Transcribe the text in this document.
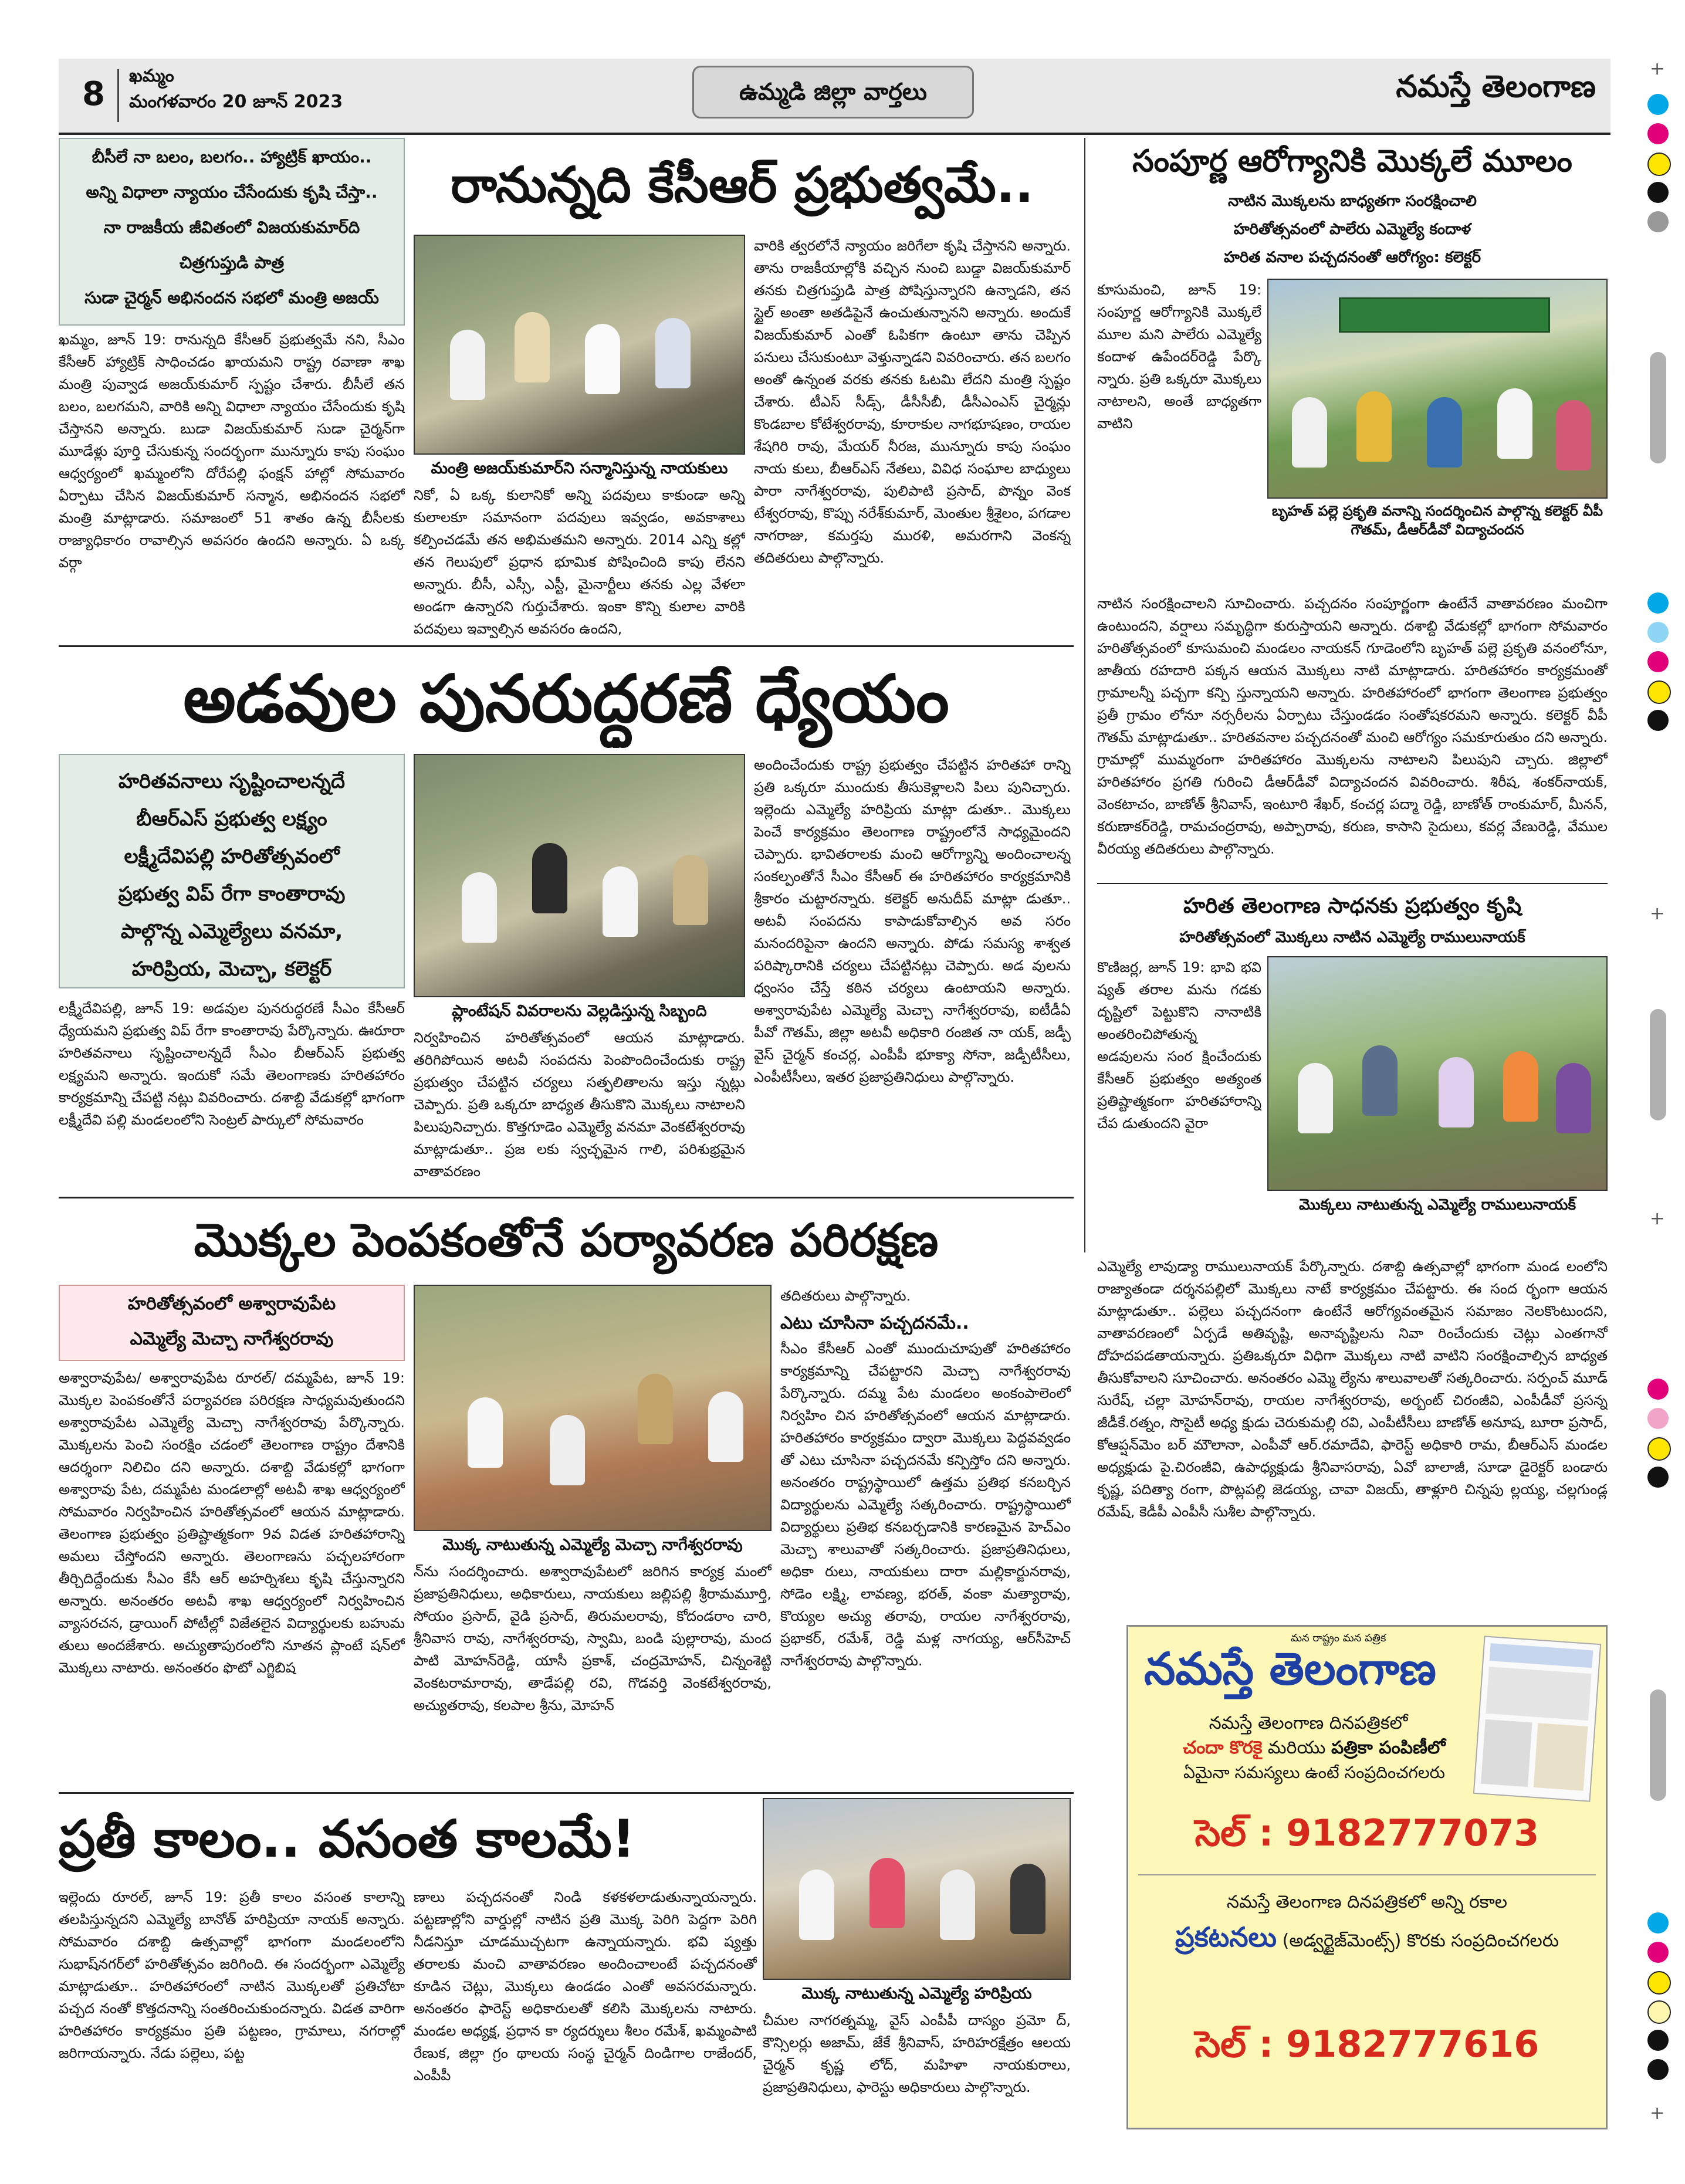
8 ఖమ్మం
మంగళవారం 20 జూన్ 2023	ఉమ్మడి జిల్లా వార్తలు	నమస్తే తెలంగాణ
బీసీలే నా బలం, బలగం.. హ్యాట్రిక్ ఖాయం..
అన్ని విధాలా న్యాయం చేసేందుకు కృషి చేస్తా..
నా రాజకీయ జీవితంలో విజయకుమార్‌ది
చిత్రగుప్తుడి పాత్ర
సుడా చైర్మన్ అభినందన సభలో మంత్రి అజయ్
రానున్నది కేసీఆర్ ప్రభుత్వమే..
మంత్రి అజయ్‌కుమార్‌ని సన్మానిస్తున్న నాయకులు
ఖమ్మం, జూన్ 19: రానున్నది కేసీఆర్ ప్రభుత్వమే నని, సీఎం కేసీఆర్ హ్యాట్రిక్ సాధించడం ఖాయమని రాష్ట్ర రవాణా శాఖ మంత్రి పువ్వాడ అజయ్‌కుమార్ స్పష్టం చేశారు. బీసీలే తన బలం, బలగమని, వారికి అన్ని విధాలా న్యాయం చేసేందుకు కృషి చేస్తానని అన్నారు. బుడా విజయ్‌కుమార్ సుడా చైర్మన్‌గా మూడేళ్లు పూర్తి చేసుకున్న సందర్భంగా మున్నూరు కాపు సంఘం ఆధ్వర్యంలో ఖమ్మంలోని దోరేపల్లి ఫంక్షన్ హాల్లో సోమవారం ఏర్పాటు చేసిన విజయ్‌కుమార్ సన్మాన, అభినందన సభలో మంత్రి మాట్లాడారు. సమాజంలో 51 శాతం ఉన్న బీసీలకు రాజ్యాధికారం రావాల్సిన అవసరం ఉందని అన్నారు. ఏ ఒక్క వర్గా
నికో, ఏ ఒక్క కులానికో అన్ని పదవులు కాకుండా అన్ని కులాలకూ సమానంగా పదవులు ఇవ్వడం, అవకాశాలు కల్పించడమే తన అభిమతమని అన్నారు. 2014 ఎన్ని కల్లో తన గెలుపులో ప్రధాన భూమిక పోషించింది కాపు లేనని అన్నారు. బీసీ, ఎస్సీ, ఎస్టీ, మైనార్టీలు తనకు ఎల్ల వేళలా అండగా ఉన్నారని గుర్తుచేశారు. ఇంకా కొన్ని కులాల వారికి పదవులు ఇవ్వాల్సిన అవసరం ఉందని,
వారికి త్వరలోనే న్యాయం జరిగేలా కృషి చేస్తానని అన్నారు. తాను రాజకీయాల్లోకి వచ్చిన నుంచి బుడ్డా విజయ్‌కుమార్ తనకు చిత్రగుప్తుడి పాత్ర పోషిస్తున్నారని ఉన్నాడని, తన స్టైల్ అంతా అతడిపైనే ఉంచుతున్నానని అన్నారు. అందుకే విజయ్‌కుమార్ ఎంతో ఓపికగా ఉంటూ తాను చెప్పిన పనులు చేసుకుంటూ వెళ్తున్నాడని వివరించారు. తన బలగం అంతో ఉన్నంత వరకు తనకు ఓటమి లేదని మంత్రి స్పష్టం చేశారు. టీఎస్ సీడ్స్, డీసీసీబీ, డీసీఎంఎస్ చైర్మన్లు కొండబాల కోటేశ్వరరావు, కూరాకుల నాగభూషణం, రాయల శేషగిరి రావు, మేయర్ నీరజ, మున్నూరు కాపు సంఘం నాయ కులు, బీఆర్‌ఎస్ నేతలు, వివిధ సంఘాల బాధ్యులు పారా నాగేశ్వరరావు, పులిపాటి ప్రసాద్, పొన్నం వెంక టేశ్వరరావు, కొప్పు నరేశ్‌కుమార్, మెంతుల శ్రీశైలం, పగడాల నాగరాజు, కమర్తపు మురళి, అమరగాని వెంకన్న తదితరులు పాల్గొన్నారు.
అడవుల పునరుద్ధరణే ధ్యేయం
హరితవనాలు సృష్టించాలన్నదే
బీఆర్‌ఎస్ ప్రభుత్వ లక్ష్యం
లక్ష్మీదేవిపల్లి హరితోత్సవంలో
ప్రభుత్వ విప్ రేగా కాంతారావు
పాల్గొన్న ఎమ్మెల్యేలు వనమా,
హరిప్రియ, మెచ్చా, కలెక్టర్
ప్లాంటేషన్ వివరాలను వెల్లడిస్తున్న సిబ్బంది
లక్ష్మీదేవిపల్లి, జూన్ 19: అడవుల పునరుద్ధరణే సీఎం కేసీఆర్ ధ్యేయమని ప్రభుత్వ విప్ రేగా కాంతారావు పేర్కొన్నారు. ఊరూరా హరితవనాలు సృష్టించాలన్నదే సీఎం బీఆర్‌ఎస్ ప్రభుత్వ లక్ష్యమని అన్నారు. ఇందుకో సమే తెలంగాణకు హరితహారం కార్యక్రమాన్ని చేపట్టి నట్లు వివరించారు. దశాబ్ది వేడుకల్లో భాగంగా లక్ష్మీదేవి పల్లి మండలంలోని సెంట్రల్ పార్కులో సోమవారం
నిర్వహించిన హరితోత్సవంలో ఆయన మాట్లాడారు. తరిగిపోయిన అటవీ సంపదను పెంపొందించేందుకు రాష్ట్ర ప్రభుత్వం చేపట్టిన చర్యలు సత్ఫలితాలను ఇస్తు న్నట్లు చెప్పారు. ప్రతి ఒక్కరూ బాధ్యత తీసుకొని మొక్కలు నాటాలని పిలుపునిచ్చారు. కొత్తగూడెం ఎమ్మెల్యే వనమా వెంకటేశ్వరరావు మాట్లాడుతూ.. ప్రజ లకు స్వచ్ఛమైన గాలి, పరిశుభ్రమైన వాతావరణం
అందించేందుకు రాష్ట్ర ప్రభుత్వం చేపట్టిన హరితహా రాన్ని ప్రతి ఒక్కరూ ముందుకు తీసుకెళ్లాలని పిలు పునిచ్చారు. ఇల్లెందు ఎమ్మెల్యే హరిప్రియ మాట్లా డుతూ.. మొక్కలు పెంచే కార్యక్రమం తెలంగాణ రాష్ట్రంలోనే సాధ్యమైందని చెప్పారు. భావితరాలకు మంచి ఆరోగ్యాన్ని అందించాలన్న సంకల్పంతోనే సీఎం కేసీఆర్ ఈ హరితహారం కార్యక్రమానికి శ్రీకారం చుట్టారన్నారు. కలెక్టర్ అనుదీప్ మాట్లా డుతూ.. అటవీ సంపదను కాపాడుకోవాల్సిన అవ సరం మనందరిపైనా ఉందని అన్నారు. పోడు సమస్య శాశ్వత పరిష్కారానికి చర్యలు చేపట్టినట్లు చెప్పారు. అడ వులను ధ్వంసం చేస్తే కఠిన చర్యలు ఉంటాయని అన్నారు. అశ్వారావుపేట ఎమ్మెల్యే మెచ్చా నాగేశ్వరరావు, ఐటీడీఏ పీవో గౌతమ్, జిల్లా అటవీ అధికారి రంజిత నా యక్, జడ్పీ వైస్ చైర్మన్ కంచర్ల, ఎంపీపీ భూక్యా సోనా, జడ్పీటీసీలు, ఎంపీటీసీలు, ఇతర ప్రజాప్రతినిధులు పాల్గొన్నారు.
మొక్కల పెంపకంతోనే పర్యావరణ పరిరక్షణ
హరితోత్సవంలో అశ్వారావుపేట
ఎమ్మెల్యే మెచ్చా నాగేశ్వరరావు
మొక్క నాటుతున్న ఎమ్మెల్యే మెచ్చా నాగేశ్వరరావు
అశ్వారావుపేట/ అశ్వారావుపేట రూరల్/ దమ్మపేట, జూన్ 19: మొక్కల పెంపకంతోనే పర్యావరణ పరిరక్షణ సాధ్యమవుతుందని అశ్వారావుపేట ఎమ్మెల్యే మెచ్చా నాగేశ్వరరావు పేర్కొన్నారు. మొక్కలను పెంచి సంరక్షిం చడంలో తెలంగాణ రాష్ట్రం దేశానికి ఆదర్శంగా నిలిచిం దని అన్నారు. దశాబ్ది వేడుకల్లో భాగంగా అశ్వారావు పేట, దమ్మపేట మండలాల్లో అటవీ శాఖ ఆధ్వర్యంలో సోమవారం నిర్వహించిన హరితోత్సవంలో ఆయన మాట్లాడారు. తెలంగాణ ప్రభుత్వం ప్రతిష్టాత్మకంగా 9వ విడత హరితహారాన్ని అమలు చేస్తోందని అన్నారు. తెలంగాణను పచ్చలహారంగా తీర్చిదిద్దేందుకు సీఎం కేసీ ఆర్ అహర్నిశలు కృషి చేస్తున్నారని అన్నారు. అనంతరం అటవీ శాఖ ఆధ్వర్యంలో నిర్వహించిన వ్యాసరచన, డ్రాయింగ్ పోటీల్లో విజేతలైన విద్యార్థులకు బహుమ తులు అందజేశారు. అచ్యుతాపురంలోని నూతన ప్లాంటే షన్‌లో మొక్కలు నాటారు. అనంతరం ఫొటో ఎగ్జిబిష
న్‌ను సందర్శించారు. అశ్వారావుపేటలో జరిగిన కార్యక్ర మంలో ప్రజాప్రతినిధులు, అధికారులు, నాయకులు జల్లిపల్లి శ్రీరామమూర్తి, సోయం ప్రసాద్, వైడి ప్రసాద్, తిరుమలరావు, కోదండరాం చారి, శ్రీనివాస రావు, నాగేశ్వరరావు, స్వామి, బండి పుల్లారావు, మంద పాటి మోహన్‌రెడ్డి, యాసీ ప్రకాశ్, చంద్రమోహన్, చిన్నంశెట్టి వెంకటరామారావు, తాడేపల్లి రవి, గొడవర్తి వెంకటేశ్వరరావు, అచ్యుతరావు, కలపాల శ్రీను, మోహన్
తదితరులు పాల్గొన్నారు.
ఎటు చూసినా పచ్చదనమే..
సీఎం కేసీఆర్ ఎంతో ముందుచూపుతో హరితహారం కార్యక్రమాన్ని చేపట్టారని మెచ్చా నాగేశ్వరరావు పేర్కొన్నారు. దమ్మ పేట మండలం అంకంపాలెంలో నిర్వహిం చిన హరితోత్సవంలో ఆయన మాట్లాడారు. హరితహారం కార్యక్రమం ద్వారా మొక్కలు పెద్దవవ్వడం తో ఎటు చూసినా పచ్చదనమే కన్పిస్తోం దని అన్నారు. అనంతరం రాష్ట్రస్థాయిలో ఉత్తమ ప్రతిభ కనబర్చిన విద్యార్థులను ఎమ్మెల్యే సత్కరించారు. రాష్ట్రస్థాయిలో విద్యార్థులు ప్రతిభ కనబర్చడానికి కారణమైన హెచ్‌ఎం మెచ్చా శాలువాతో సత్కరించారు. ప్రజాప్రతినిధులు, అధికా రులు, నాయకులు దారా మల్లికార్జునరావు, సోడెం లక్ష్మి, లావణ్య, భరత్, వంకా మత్యారావు, కొయ్యల అచ్యు తరావు, రాయల నాగేశ్వరరావు, ప్రభాకర్, రమేశ్, రెడ్డి మళ్ల నాగయ్య, ఆర్‌సీహెచ్ నాగేశ్వరరావు పాల్గొన్నారు.
ప్రతీ కాలం.. వసంత కాలమే!
మొక్క నాటుతున్న ఎమ్మెల్యే హరిప్రియ
ఇల్లెందు రూరల్, జూన్ 19: ప్రతీ కాలం వసంత కాలాన్ని తలపిస్తున్నదని ఎమ్మెల్యే బానోత్ హరిప్రియా నాయక్ అన్నారు. సోమవారం దశాబ్ది ఉత్సవాల్లో భాగంగా మండలంలోని సుభాష్‌నగర్‌లో హరితోత్సవం జరిగింది. ఈ సందర్భంగా ఎమ్మెల్యే మాట్లాడుతూ.. హరితహారంలో నాటిన మొక్కలతో ప్రతిచోటా పచ్చద నంతో కొత్తదనాన్ని సంతరించుకుందన్నారు. విడత వారిగా హరితహారం కార్యక్రమం ప్రతి పట్టణం, గ్రామాలు, నగరాల్లో జరిగాయన్నారు. నేడు పల్లెలు, పట్ట
ణాలు పచ్చదనంతో నిండి కళకళలాడుతున్నాయన్నారు. పట్టణాల్లోని వార్డుల్లో నాటిన ప్రతి మొక్క పెరిగి పెద్దగా పెరిగి నీడనిస్తూ చూడముచ్చటగా ఉన్నాయన్నారు. భవి ష్యత్తు తరాలకు మంచి వాతావరణం అందించాలంటే పచ్చదనంతో కూడిన చెట్లు, మొక్కలు ఉండడం ఎంతో అవసరమన్నారు. అనంతరం ఫారెస్ట్ అధికారులతో కలిసి మొక్కలను నాటారు. మండల అధ్యక్ష, ప్రధాన కా ర్యదర్శులు శీలం రమేశ్, ఖమ్మంపాటి రేణుక, జిల్లా గ్రం థాలయ సంస్థ చైర్మన్ దిండిగాల రాజేందర్, ఎంపీపీ
చీమల నాగరత్నమ్మ, వైస్ ఎంపీపీ దాస్యం ప్రమో ద్, కౌన్సిలర్లు అజామ్, జేకే శ్రీనివాస్, హరిహరక్షేత్రం ఆలయ చైర్మన్ కృష్ణ లోద్, మహిళా నాయకురాలు, ప్రజాప్రతినిధులు, ఫారెస్టు అధికారులు పాల్గొన్నారు.
సంపూర్ణ ఆరోగ్యానికి మొక్కలే మూలం
నాటిన మొక్కలను బాధ్యతగా సంరక్షించాలి
హరితోత్సవంలో పాలేరు ఎమ్మెల్యే కందాళ
హరిత వనాల పచ్చదనంతో ఆరోగ్యం: కలెక్టర్
కూసుమంచి, జూన్ 19: సంపూర్ణ ఆరోగ్యానికి మొక్కలే మూల మని పాలేరు ఎమ్మెల్యే కందాళ ఉపేందర్‌రెడ్డి పేర్కొ న్నారు. ప్రతి ఒక్కరూ మొక్కలు నాటాలని, అంతే బాధ్యతగా వాటిని
బృహత్ పల్లె ప్రకృతి వనాన్ని సందర్శించిన పాల్గొన్న కలెక్టర్ వీపీ గౌతమ్, డీఆర్‌డీవో విద్యాచందన
నాటిన సంరక్షించాలని సూచించారు. పచ్చదనం సంపూర్ణంగా ఉంటేనే వాతావరణం మంచిగా ఉంటుందని, వర్షాలు సమృద్ధిగా కురుస్తాయని అన్నారు. దశాబ్ది వేడుకల్లో భాగంగా సోమవారం హరితోత్సవంలో కూసుమంచి మండలం నాయకన్ గూడెంలోని బృహత్ పల్లె ప్రకృతి వనంలోనూ, జాతీయ రహదారి పక్కన ఆయన మొక్కలు నాటి మాట్లాడారు. హరితహారం కార్యక్రమంతో గ్రామాలన్నీ పచ్చగా కన్పి స్తున్నాయని అన్నారు. హరితహారంలో భాగంగా తెలంగాణ ప్రభుత్వం ప్రతీ గ్రామం లోనూ నర్సరీలను ఏర్పాటు చేస్తుండడం సంతోషకరమని అన్నారు. కలెక్టర్ వీపీ గౌతమ్ మాట్లాడుతూ.. హరితవనాల పచ్చదనంతో మంచి ఆరోగ్యం సమకూరుతుం దని అన్నారు. గ్రామాల్లో ముమ్మరంగా హరితహారం మొక్కలను నాటాలని పిలుపుని చ్చారు. జిల్లాలో హరితహారం ప్రగతి గురించి డీఆర్‌డీవో విద్యాచందన వివరించారు. శిరీష, శంకర్‌నాయక్, వెంకటాచం, బాణోత్ శ్రీనివాస్, ఇంటూరి శేఖర్, కంచర్ల పద్మా రెడ్డి, బాణోత్ రాంకుమార్, మీనన్, కరుణాకర్‌రెడ్డి, రామచంద్రరావు, అప్పారావు, కరుణ, కాసాని సైదులు, కవర్ల వేణురెడ్డి, వేముల వీరయ్య తదితరులు పాల్గొన్నారు.
హరిత తెలంగాణ సాధనకు ప్రభుత్వం కృషి
హరితోత్సవంలో మొక్కలు నాటిన ఎమ్మెల్యే రాములునాయక్
కొణిజర్ల, జూన్ 19: భావి భవి ష్యత్ తరాల మను గడకు దృష్టిలో పెట్టుకొని నానాటికి అంతరించిపోతున్న అడవులను సంర క్షించేందుకు కేసీఆర్ ప్రభుత్వం అత్యంత ప్రతిష్టాత్మకంగా హరితహారాన్ని చేప డుతుందని వైరా
మొక్కలు నాటుతున్న ఎమ్మెల్యే రాములునాయక్
ఎమ్మెల్యే లావుడ్యా రాములునాయక్ పేర్కొన్నారు. దశాబ్ది ఉత్సవాల్లో భాగంగా మండ లంలోని రాజ్యాతండా దర్శనపల్లిలో మొక్కలు నాటే కార్యక్రమం చేపట్టారు. ఈ సంద ర్భంగా ఆయన మాట్లాడుతూ.. పల్లెలు పచ్చదనంగా ఉంటేనే ఆరోగ్యవంతమైన సమాజం నెలకొంటుందని, వాతావరణంలో ఏర్పడే అతివృష్టి, అనావృష్టిలను నివా రించేందుకు చెట్లు ఎంతగానో దోహదపడతాయన్నారు. ప్రతిఒక్కరూ విధిగా మొక్కలు నాటి వాటిని సంరక్షించాల్సిన బాధ్యత తీసుకోవాలని సూచించారు. అనంతరం ఎమ్మె ల్యేను శాలువాలతో సత్కరించారు. సర్పంచ్ మూడ్ సురేష్, చల్లా మోహన్‌రావు, రాయల నాగేశ్వరరావు, అర్బంట్ చిరంజీవి, ఎంపీడీవో ప్రసన్న జీడీకే.రత్నం, సొసైటీ అధ్య క్షుడు చెరుకుమల్లి రవి, ఎంపీటీసీలు బాణోత్ అనూష, బూరా ప్రసాద్, కోఆప్షన్‌మెం బర్ మౌలానా, ఎంపీవో ఆర్.రమాదేవి, ఫారెస్ట్ అధికారి రామ, బీఆర్‌ఎస్ మండల అధ్యక్షుడు పై.చిరంజీవి, ఉపాధ్యక్షుడు శ్రీనివాసరావు, ఏవో బాలాజీ, సూడా డైరెక్టర్ బండారు కృష్ణ, పదిత్యా రంగా, పొట్లపల్లి జెడయ్య, చావా విజయ్, తాళ్లూరి చిన్నపు ల్లయ్య, చల్లగుండ్ల రమేష్, కెడీపీ ఎంపీసీ సుశీల పాల్గొన్నారు.
మన రాష్ట్రం మన పత్రిక
నమస్తే తెలంగాణ
నమస్తే తెలంగాణ దినపత్రికలో
చందా కొరకై మరియు పత్రికా పంపిణీలో
ఏమైనా సమస్యలు ఉంటే సంప్రదించగలరు
సెల్ : 9182777073
నమస్తే తెలంగాణ దినపత్రికలో అన్ని రకాల
ప్రకటనలు (అడ్వర్టైజ్‌మెంట్స్) కొరకు సంప్రదించగలరు
సెల్ : 9182777616
+
+
+
+
